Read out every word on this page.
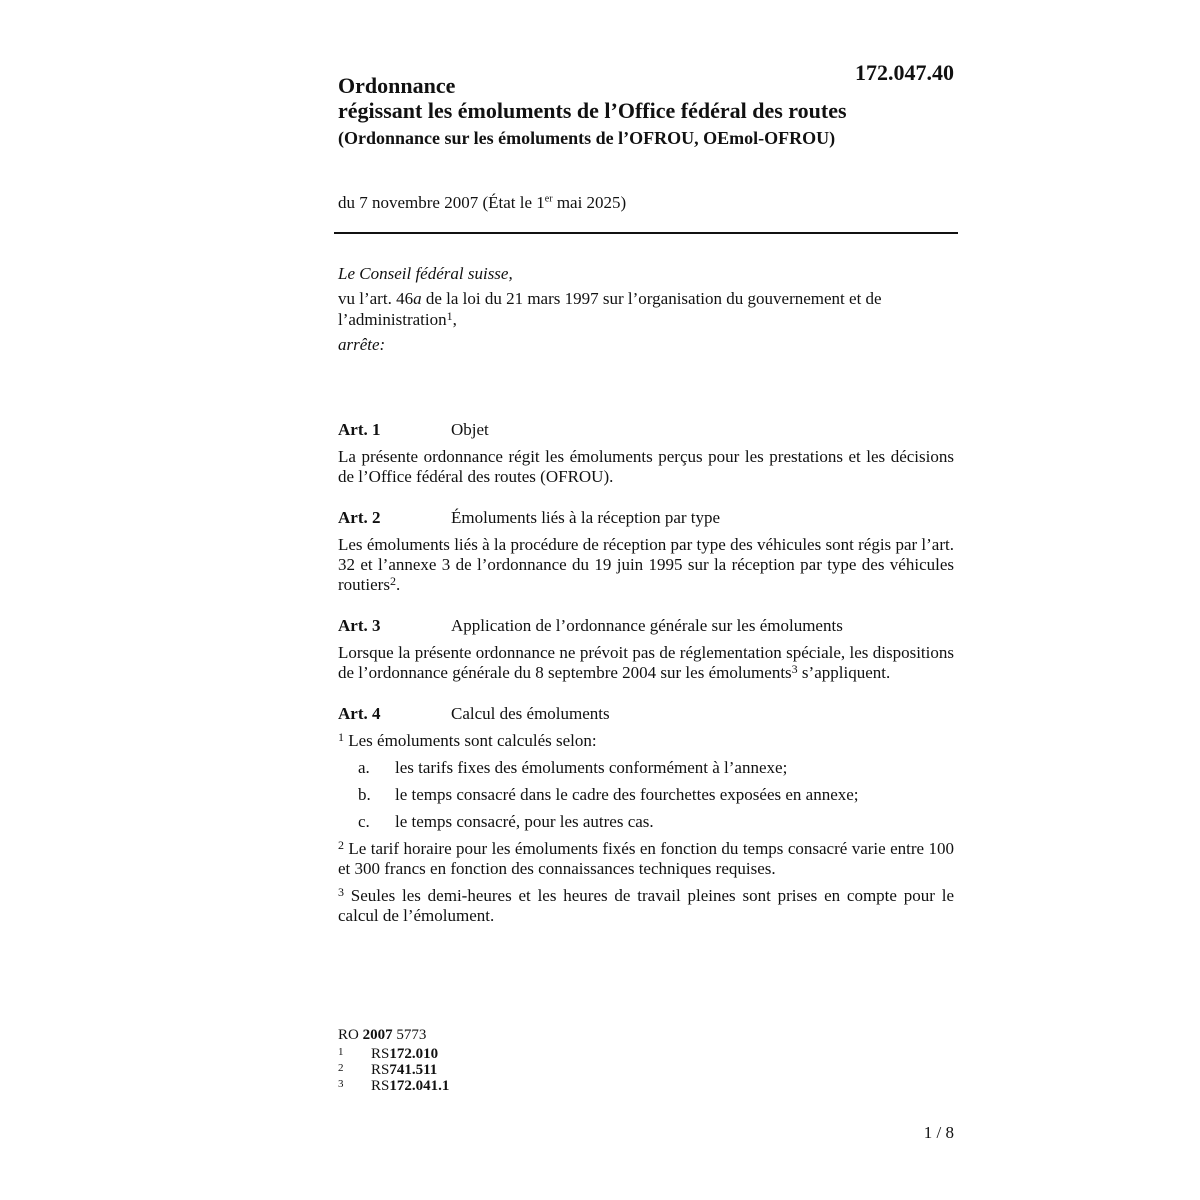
172.047.40

Ordonnance
régissant les émoluments de l’Office fédéral des routes

(Ordonnance sur les émoluments de l’OFROU, OEmol-OFROU)

du 7 novembre 2007 (État le 1er mai 2025)

Le Conseil fédéral suisse,

vu l’art. 46a de la loi du 21 mars 1997 sur l’organisation du gouvernement et de l’administration$^1$,

arrête:

Art. 1	Objet

La présente ordonnance régit les émoluments perçus pour les prestations et les décisions de l’Office fédéral des routes (OFROU).

Art. 2	Émoluments liés à la réception par type

Les émoluments liés à la procédure de réception par type des véhicules sont régis par l’art. 32 et l’annexe 3 de l’ordonnance du 19 juin 1995 sur la réception par type des véhicules routiers$^2$.

Art. 3	Application de l’ordonnance générale sur les émoluments

Lorsque la présente ordonnance ne prévoit pas de réglementation spéciale, les dispositions de l’ordonnance générale du 8 septembre 2004 sur les émoluments$^3$ s’appliquent.

Art. 4	Calcul des émoluments

$^1$ Les émoluments sont calculés selon:

a.	les tarifs fixes des émoluments conformément à l’annexe;
b.	le temps consacré dans le cadre des fourchettes exposées en annexe;
c.	le temps consacré, pour les autres cas.

$^2$ Le tarif horaire pour les émoluments fixés en fonction du temps consacré varie entre 100 et 300 francs en fonction des connaissances techniques requises.

$^3$ Seules les demi-heures et les heures de travail pleines sont prises en compte pour le calcul de l’émolument.

RO 2007 5773
1	RS 172.010
2	RS 741.511
3	RS 172.041.1
1 / 8
